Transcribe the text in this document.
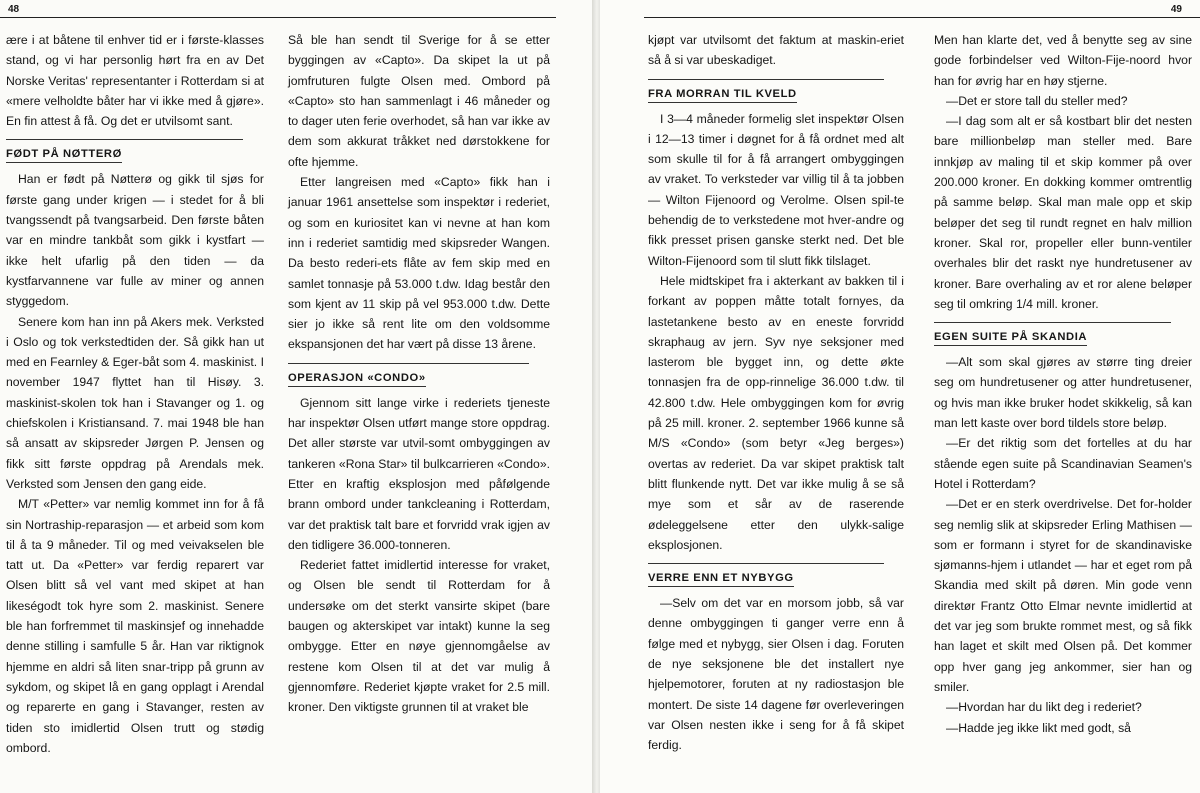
48

ære i at båtene til enhver tid er i første-klasses stand, og vi har personlig hørt fra en av Det Norske Veritas' representanter i Rotterdam si at «mere velholdte båter har vi ikke med å gjøre». En fin attest å få. Og det er utvilsomt sant.

FØDT PÅ NØTTERØ

Han er født på Nøtterø og gikk til sjøs for første gang under krigen — i stedet for å bli tvangssendt på tvangsarbeid. Den første båten var en mindre tankbåt som gikk i kystfart — ikke helt ufarlig på den tiden — da kystfarvannene var fulle av miner og annen styggedom.

Senere kom han inn på Akers mek. Verksted i Oslo og tok verkstedtiden der. Så gikk han ut med en Fearnley & Eger-båt som 4. maskinist. I november 1947 flyttet han til Hisøy. 3. maskinist-skolen tok han i Stavanger og 1. og chiefskolen i Kristiansand. 7. mai 1948 ble han så ansatt av skipsreder Jørgen P. Jensen og fikk sitt første oppdrag på Arendals mek. Verksted som Jensen den gang eide.

M/T «Petter» var nemlig kommet inn for å få sin Nortraship-reparasjon — et arbeid som kom til å ta 9 måneder. Til og med veivakselen ble tatt ut. Da «Petter» var ferdig reparert var Olsen blitt så vel vant med skipet at han likeségodt tok hyre som 2. maskinist. Senere ble han forfremmet til maskinsjef og innehadde denne stilling i samfulle 5 år. Han var riktignok hjemme en aldri så liten snar-tripp på grunn av sykdom, og skipet lå en gang opplagt i Arendal og reparerte en gang i Stavanger, resten av tiden sto imidlertid Olsen trutt og stødig ombord.

Så ble han sendt til Sverige for å se etter byggingen av «Capto». Da skipet la ut på jomfruturen fulgte Olsen med. Ombord på «Capto» sto han sammenlagt i 46 måneder og to dager uten ferie overhodet, så han var ikke av dem som akkurat tråkket ned dørstokkene for ofte hjemme.

Etter langreisen med «Capto» fikk han i januar 1961 ansettelse som inspektør i rederiet, og som en kuriositet kan vi nevne at han kom inn i rederiet samtidig med skipsreder Wangen. Da besto rederi-ets flåte av fem skip med en samlet tonnasje på 53.000 t.dw. Idag består den som kjent av 11 skip på vel 953.000 t.dw. Dette sier jo ikke så rent lite om den voldsomme ekspansjonen det har vært på disse 13 årene.

OPERASJON «CONDO»

Gjennom sitt lange virke i rederiets tjeneste har inspektør Olsen utført mange store oppdrag. Det aller største var utvil-somt ombyggingen av tankeren «Rona Star» til bulkcarrieren «Condo». Etter en kraftig eksplosjon med påfølgende brann ombord under tankcleaning i Rotterdam, var det praktisk talt bare et forvridd vrak igjen av den tidligere 36.000-tonneren.

Rederiet fattet imidlertid interesse for vraket, og Olsen ble sendt til Rotterdam for å undersøke om det sterkt vansirte skipet (bare baugen og akterskipet var intakt) kunne la seg ombygge. Etter en nøye gjennomgåelse av restene kom Olsen til at det var mulig å gjennomføre. Rederiet kjøpte vraket for 2.5 mill. kroner. Den viktigste grunnen til at vraket ble

49

kjøpt var utvilsomt det faktum at maskin-eriet så å si var ubeskadiget.

FRA MORRAN TIL KVELD

I 3—4 måneder formelig slet inspektør Olsen i 12—13 timer i døgnet for å få ordnet med alt som skulle til for å få arrangert ombyggingen av vraket. To verksteder var villig til å ta jobben — Wilton Fijenoord og Verolme. Olsen spil-te behendig de to verkstedene mot hver-andre og fikk presset prisen ganske sterkt ned. Det ble Wilton-Fijenoord som til slutt fikk tilslaget.

Hele midtskipet fra i akterkant av bakken til i forkant av poppen måtte totalt fornyes, da lastetankene besto av en eneste forvridd skraphaug av jern. Syv nye seksjoner med lasterom ble bygget inn, og dette økte tonnasjen fra de opp-rinnelige 36.000 t.dw. til 42.800 t.dw. Hele ombyggingen kom for øvrig på 25 mill. kroner. 2. september 1966 kunne så M/S «Condo» (som betyr «Jeg berges») overtas av rederiet. Da var skipet praktisk talt blitt flunkende nytt. Det var ikke mulig å se så mye som et sår av de raserende ødeleggelsene etter den ulykk-salige eksplosjonen.

VERRE ENN ET NYBYGG

—Selv om det var en morsom jobb, så var denne ombyggingen ti ganger verre enn å følge med et nybygg, sier Olsen i dag. Foruten de nye seksjonene ble det installert nye hjelpemotorer, foruten at ny radiostasjon ble montert. De siste 14 dagene før overleveringen var Olsen nesten ikke i seng for å få skipet ferdig.

Men han klarte det, ved å benytte seg av sine gode forbindelser ved Wilton-Fije-noord hvor han for øvrig har en høy stjerne.

—Det er store tall du steller med?

—I dag som alt er så kostbart blir det nesten bare millionbeløp man steller med. Bare innkjøp av maling til et skip kommer på over 200.000 kroner. En dokking kommer omtrentlig på samme beløp. Skal man male opp et skip beløper det seg til rundt regnet en halv million kroner. Skal ror, propeller eller bunn-ventiler overhales blir det raskt nye hundretusener av kroner. Bare overhaling av et ror alene beløper seg til omkring 1/4 mill. kroner.

EGEN SUITE PÅ SKANDIA

—Alt som skal gjøres av større ting dreier seg om hundretusener og atter hundretusener, og hvis man ikke bruker hodet skikkelig, så kan man lett kaste over bord tildels store beløp.

—Er det riktig som det fortelles at du har stående egen suite på Scandinavian Seamen's Hotel i Rotterdam?

—Det er en sterk overdrivelse. Det for-holder seg nemlig slik at skipsreder Erling Mathisen — som er formann i styret for de skandinaviske sjømanns-hjem i utlandet — har et eget rom på Skandia med skilt på døren. Min gode venn direktør Frantz Otto Elmar nevnte imidlertid at det var jeg som brukte rommet mest, og så fikk han laget et skilt med Olsen på. Det kommer opp hver gang jeg ankommer, sier han og smiler.

—Hvordan har du likt deg i rederiet?

—Hadde jeg ikke likt med godt, så
